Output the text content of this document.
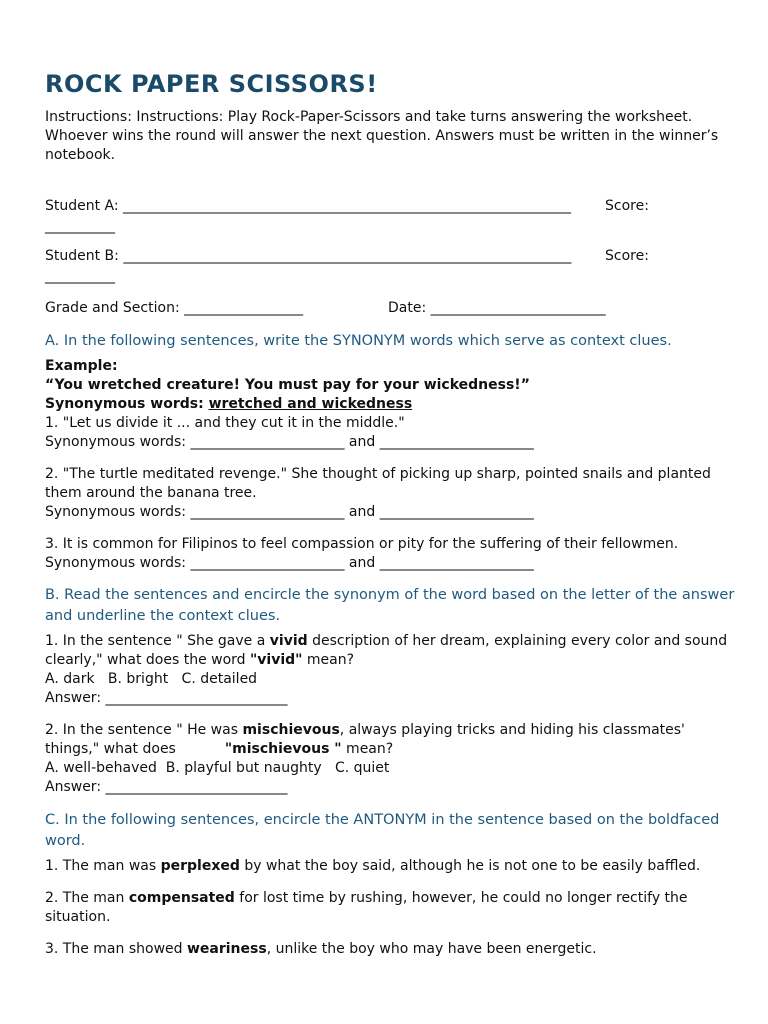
ROCK PAPER SCISSORS!
Instructions: Instructions: Play Rock-Paper-Scissors and take turns answering the worksheet. Whoever wins the round will answer the next question. Answers must be written in the winner’s notebook.
Student A: ________________________________________________________________ Score:
__________
Student B: ________________________________________________________________ Score:
__________
Grade and Section: _________________	Date: _________________________
A. In the following sentences, write the SYNONYM words which serve as context clues.
Example:
“You wretched creature! You must pay for your wickedness!”
Synonymous words: wretched and wickedness
1. "Let us divide it ... and they cut it in the middle."
Synonymous words: ______________________ and ______________________
2. "The turtle meditated revenge." She thought of picking up sharp, pointed snails and planted them around the banana tree.
Synonymous words: ______________________ and ______________________
3. It is common for Filipinos to feel compassion or pity for the suffering of their fellowmen.
Synonymous words: ______________________ and ______________________
B. Read the sentences and encircle the synonym of the word based on the letter of the answer and underline the context clues.
1. In the sentence " She gave a vivid description of her dream, explaining every color and sound clearly," what does the word "vivid" mean?
A. dark   B. bright   C. detailed
Answer: __________________________
2. In the sentence " He was mischievous, always playing tricks and hiding his classmates' things," what does           "mischievous " mean?
A. well-behaved  B. playful but naughty   C. quiet
Answer: __________________________
C. In the following sentences, encircle the ANTONYM in the sentence based on the boldfaced word.
1. The man was perplexed by what the boy said, although he is not one to be easily baffled.
2. The man compensated for lost time by rushing, however, he could no longer rectify the situation.
3. The man showed weariness, unlike the boy who may have been energetic.
